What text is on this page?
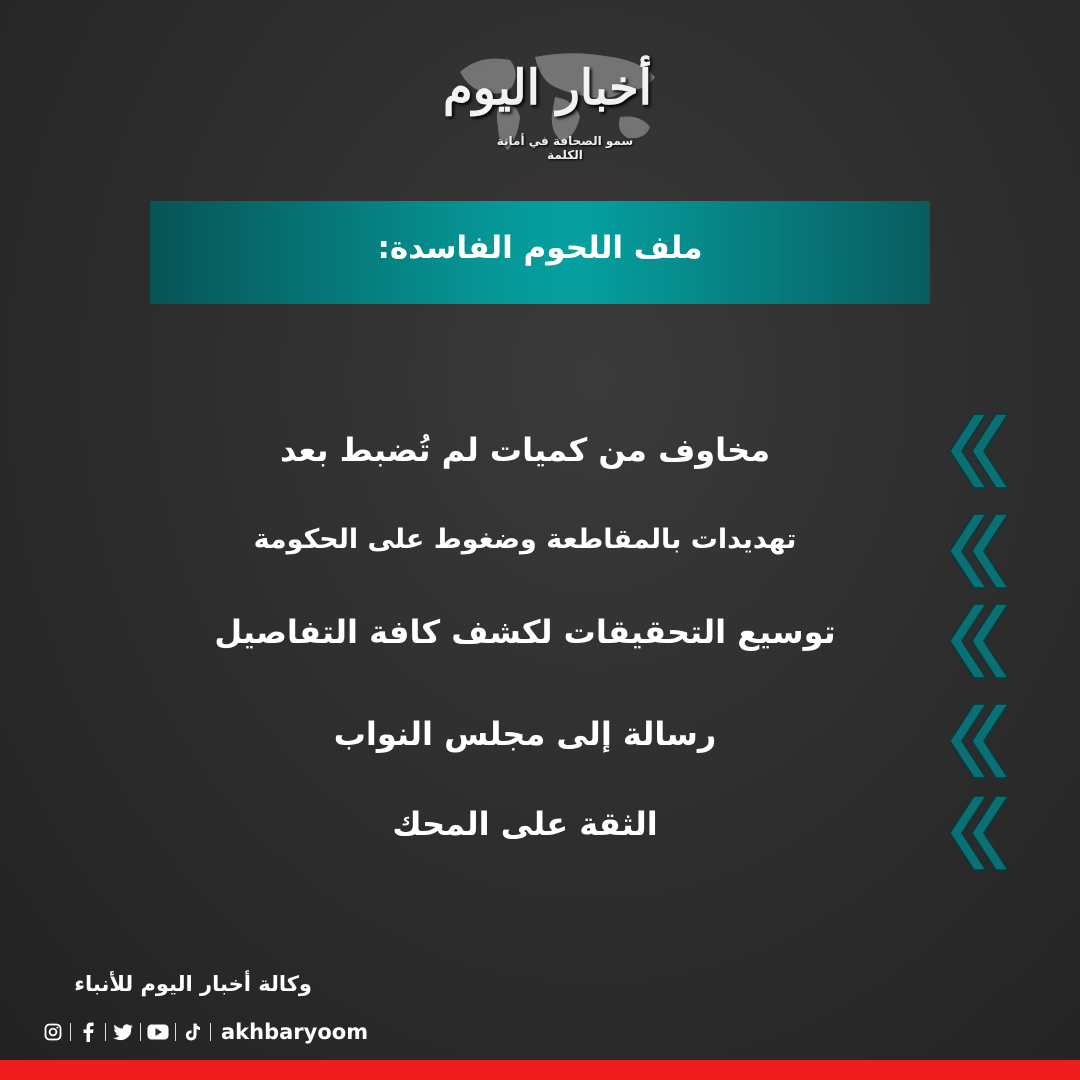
أخبار اليوم
سمو الصحافة في أمانة الكلمة
ملف اللحوم الفاسدة:
مخاوف من كميات لم تُضبط بعد
تهديدات بالمقاطعة وضغوط على الحكومة
توسيع التحقيقات لكشف كافة التفاصيل
رسالة إلى مجلس النواب
الثقة على المحك
وكالة أخبار اليوم للأنباء
akhbaryoom
